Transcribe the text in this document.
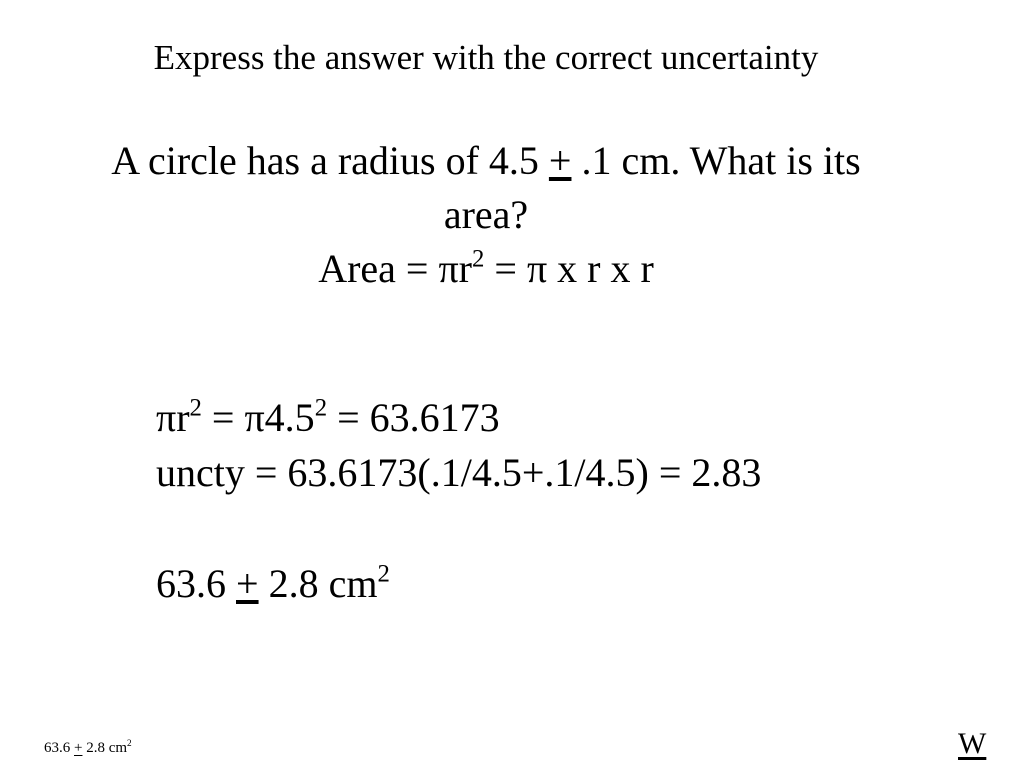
Express the answer with the correct uncertainty
A circle has a radius of 4.5 + .1 cm. What is its
area?
Area = $\pi r^2 = \pi$ x r x r
$\pi r^2 = \pi 4.5^2 = 63.6173$
uncty = 63.6173(.1/4.5+.1/4.5) = 2.83
63.6 + 2.8 $cm^2$
63.6 + 2.8 $cm^2$	W
